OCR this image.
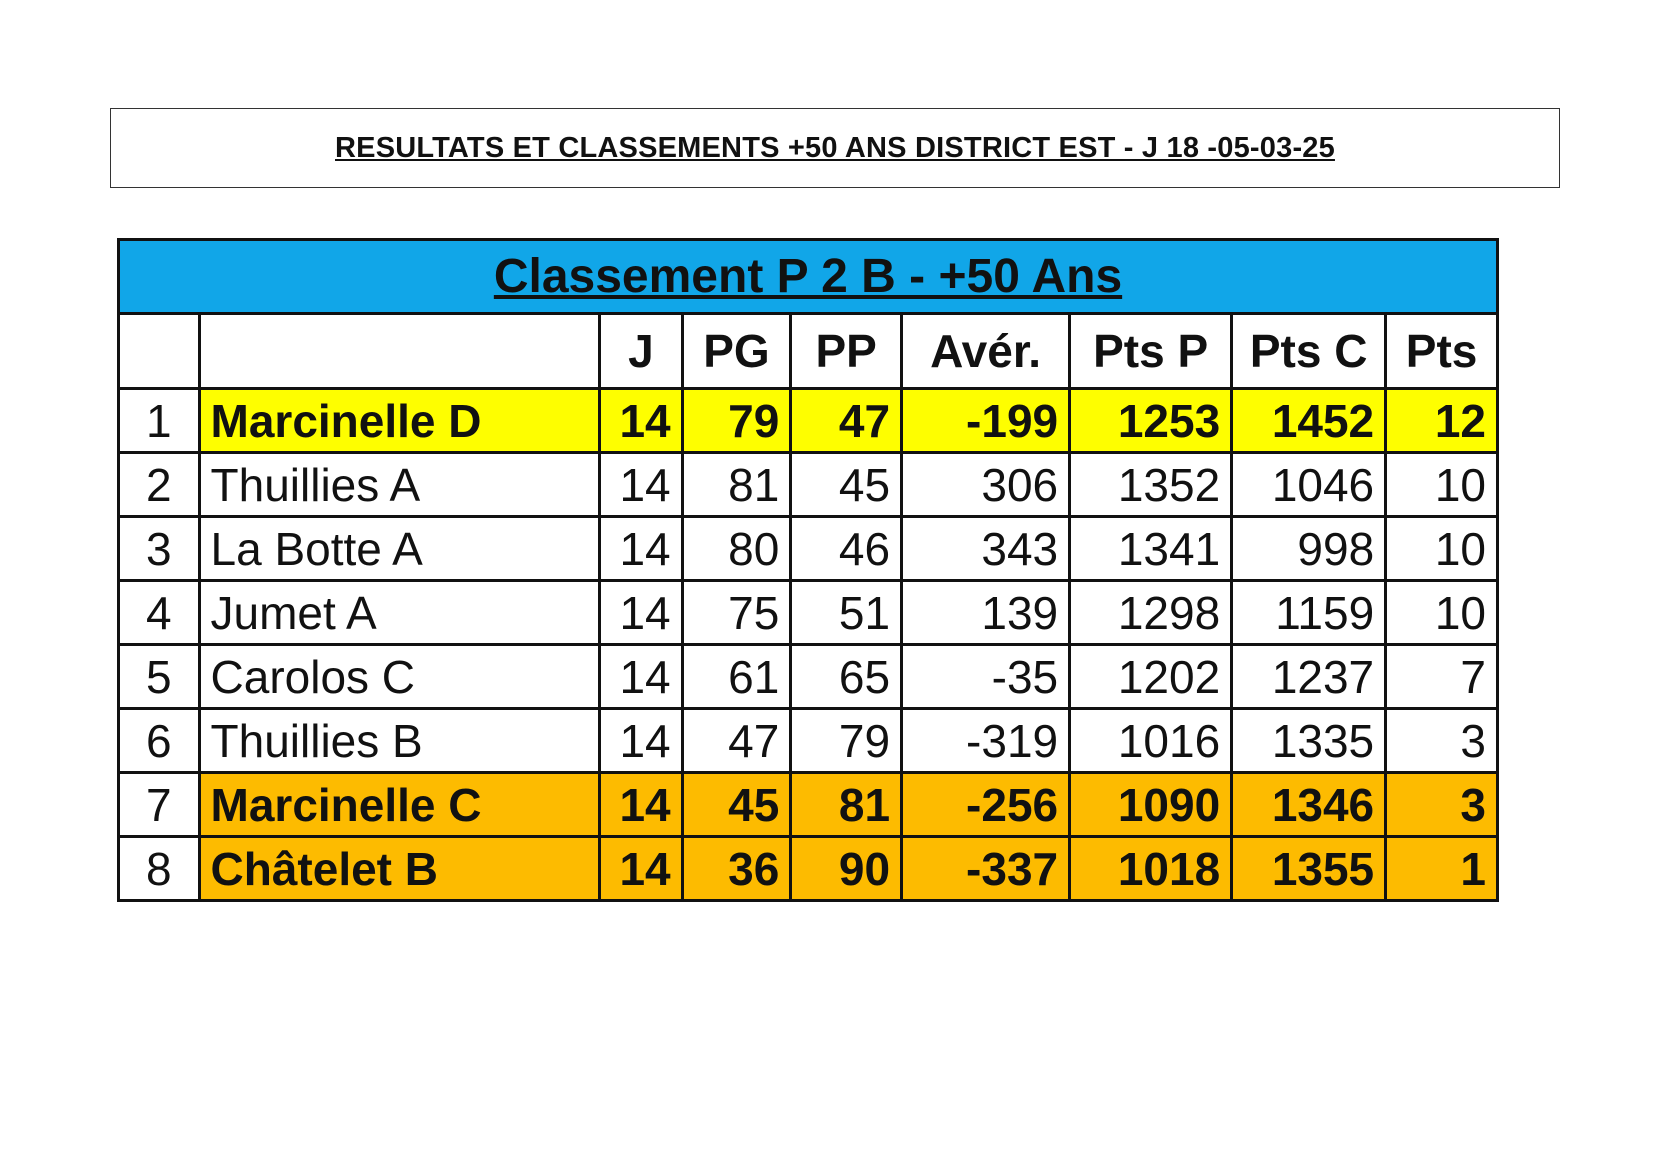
RESULTATS ET CLASSEMENTS +50 ANS DISTRICT EST - J 18 -05-03-25
Classement P 2 B - +50 Ans								
		J	PG	PP	Avér.	Pts P	Pts C	Pts
1	Marcinelle D	14	79	47	-199	1253	1452	12
2	Thuillies A	14	81	45	306	1352	1046	10
3	La Botte A	14	80	46	343	1341	998	10
4	Jumet A	14	75	51	139	1298	1159	10
5	Carolos C	14	61	65	-35	1202	1237	7
6	Thuillies B	14	47	79	-319	1016	1335	3
7	Marcinelle C	14	45	81	-256	1090	1346	3
8	Châtelet B	14	36	90	-337	1018	1355	1
